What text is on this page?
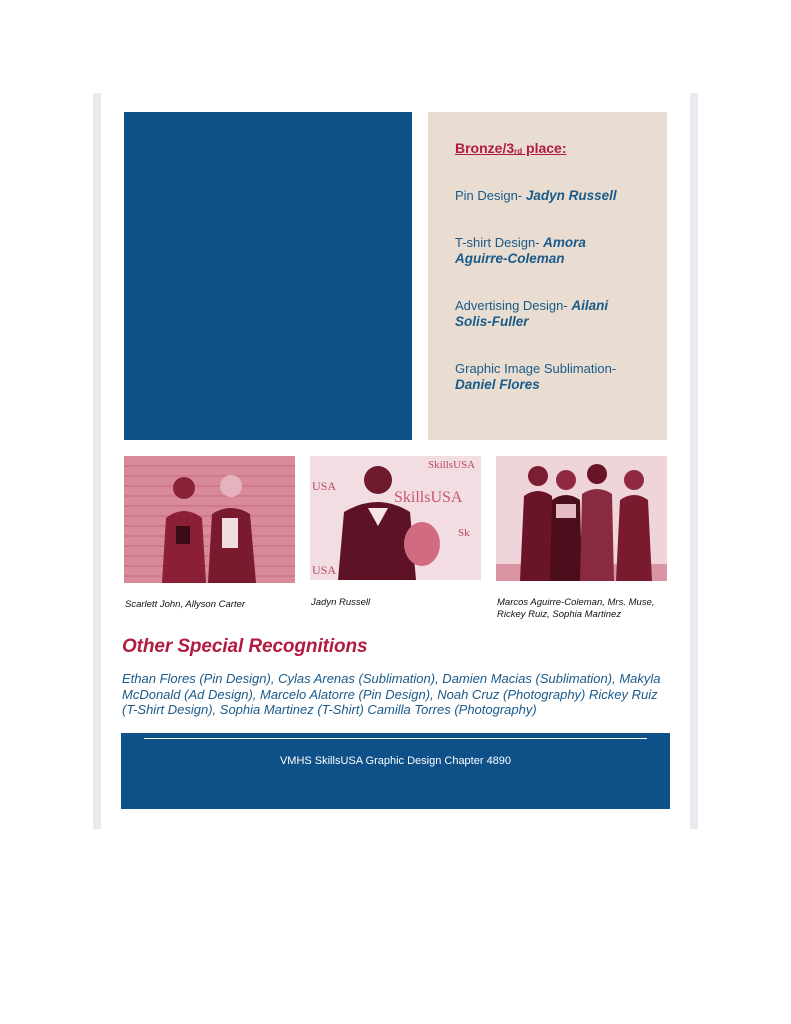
Bronze/3rd place:
Pin Design- Jadyn Russell
T-shirt Design- Amora Aguirre-Coleman
Advertising Design- Ailani Solis-Fuller
Graphic Image Sublimation- Daniel Flores
SkillsUSA
SkillsUSA
USA
USA
Sk
Scarlett John, Allyson Carter	Jadyn Russell	Marcos Aguirre-Coleman, Mrs. Muse, Rickey Ruiz, Sophia Martinez
Other Special Recognitions
Ethan Flores (Pin Design), Cylas Arenas (Sublimation), Damien Macias (Sublimation), Makyla McDonald (Ad Design), Marcelo Alatorre (Pin Design), Noah Cruz (Photography) Rickey Ruiz (T-Shirt Design), Sophia Martinez (T-Shirt) Camilla Torres (Photography)
VMHS SkillsUSA Graphic Design Chapter 4890
